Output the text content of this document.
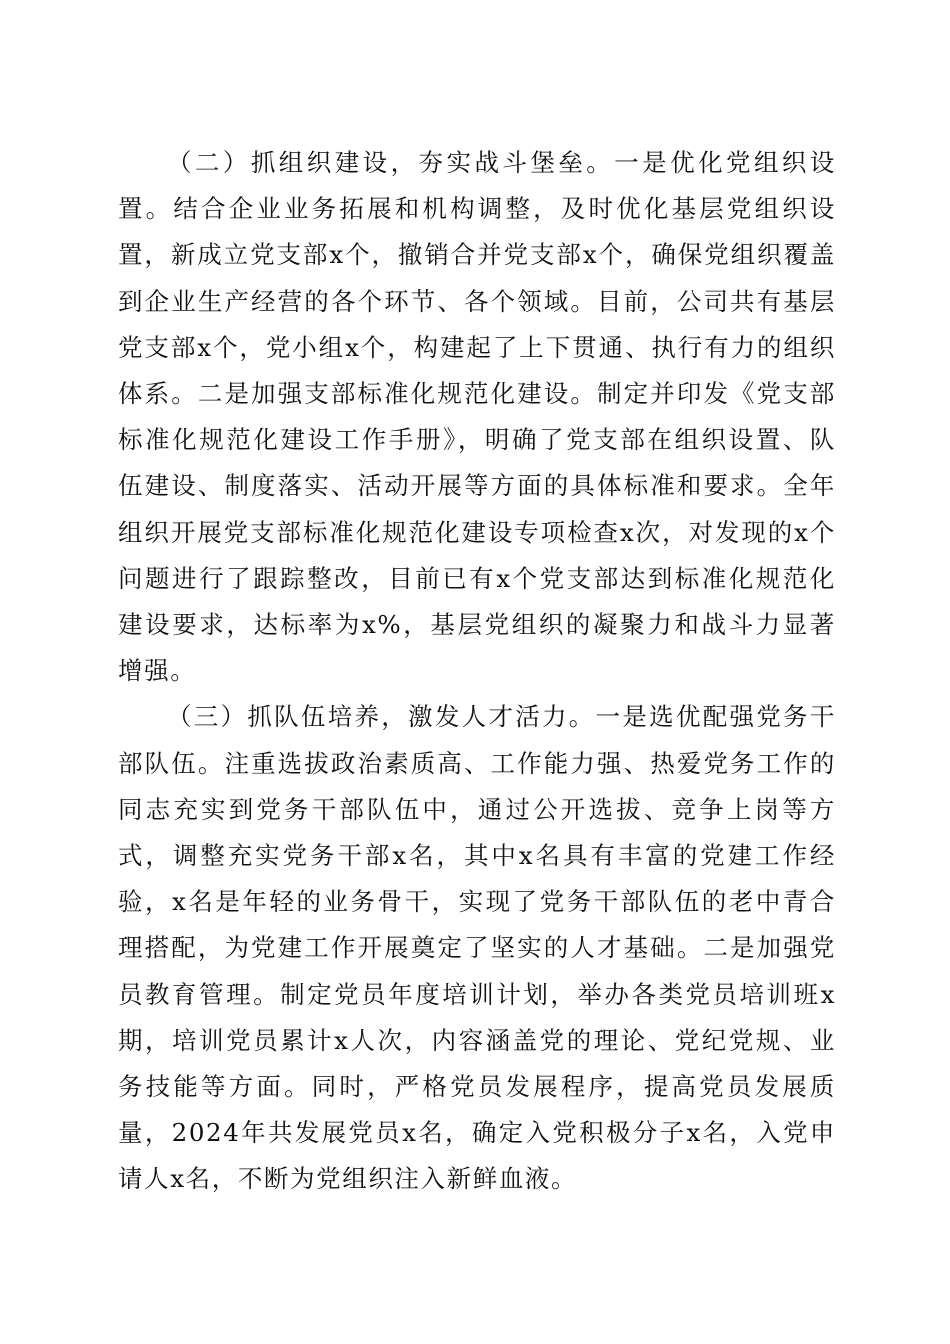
（二）抓组织建设，夯实战斗堡垒。一是优化党组织设置。结合企业业务拓展和机构调整，及时优化基层党组织设置，新成立党支部x个，撤销合并党支部x个，确保党组织覆盖到企业生产经营的各个环节、各个领域。目前，公司共有基层党支部x个，党小组x个，构建起了上下贯通、执行有力的组织体系。二是加强支部标准化规范化建设。制定并印发《党支部标准化规范化建设工作手册》，明确了党支部在组织设置、队伍建设、制度落实、活动开展等方面的具体标准和要求。全年组织开展党支部标准化规范化建设专项检查x次，对发现的x个问题进行了跟踪整改，目前已有x个党支部达到标准化规范化建设要求，达标率为x%，基层党组织的凝聚力和战斗力显著增强。

（三）抓队伍培养，激发人才活力。一是选优配强党务干部队伍。注重选拔政治素质高、工作能力强、热爱党务工作的同志充实到党务干部队伍中，通过公开选拔、竞争上岗等方式，调整充实党务干部x名，其中x名具有丰富的党建工作经验，x名是年轻的业务骨干，实现了党务干部队伍的老中青合理搭配，为党建工作开展奠定了坚实的人才基础。二是加强党员教育管理。制定党员年度培训计划，举办各类党员培训班x期，培训党员累计x人次，内容涵盖党的理论、党纪党规、业务技能等方面。同时，严格党员发展程序，提高党员发展质量，2024年共发展党员x名，确定入党积极分子x名，入党申请人x名，不断为党组织注入新鲜血液。
